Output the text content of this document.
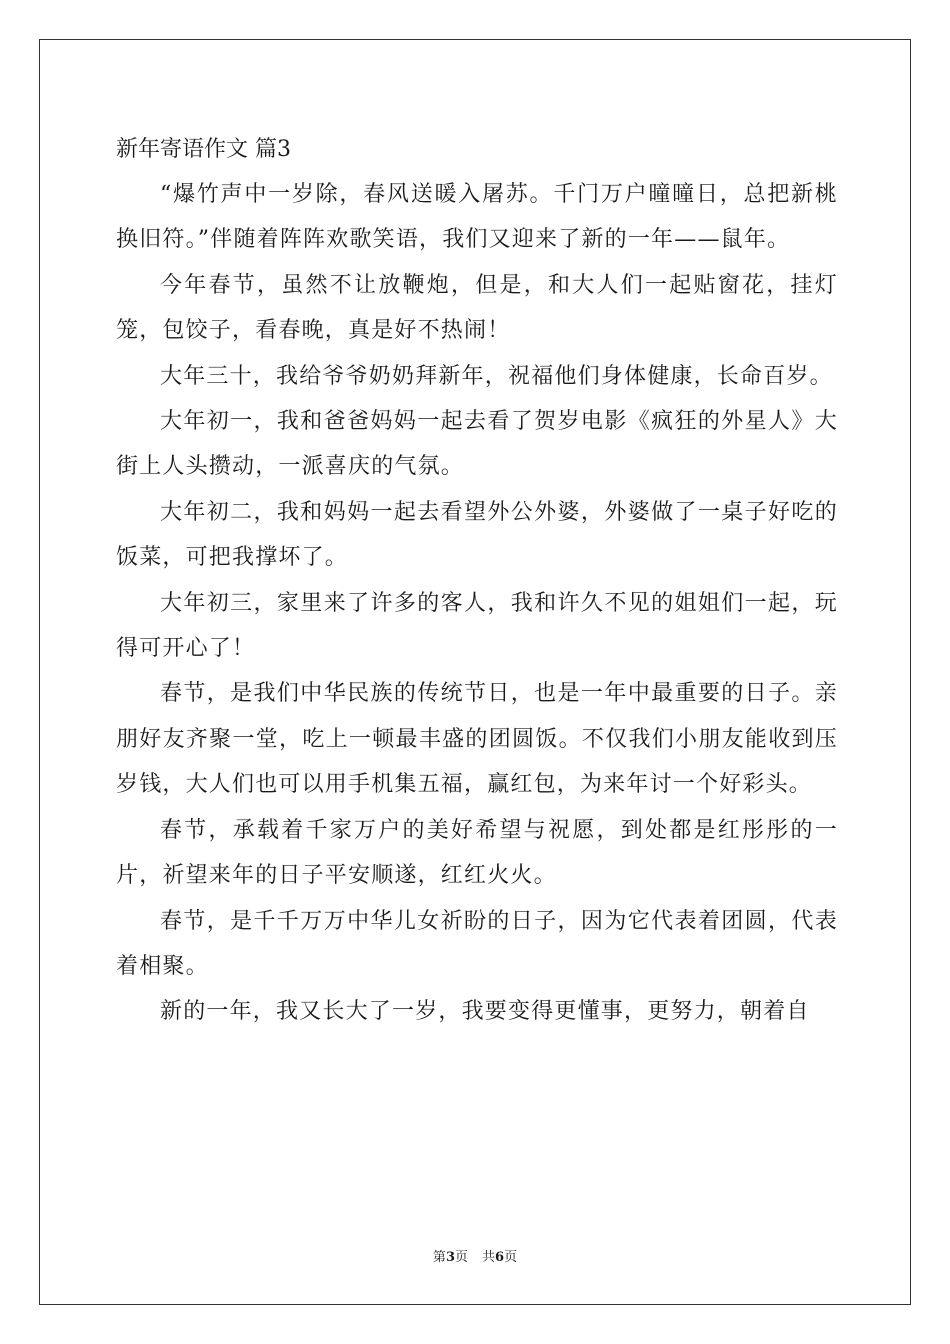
新年寄语作文 篇3

“爆竹声中一岁除，春风送暖入屠苏。千门万户曈曈日，总把新桃换旧符。”伴随着阵阵欢歌笑语，我们又迎来了新的一年——鼠年。

今年春节，虽然不让放鞭炮，但是，和大人们一起贴窗花，挂灯笼，包饺子，看春晚，真是好不热闹！

大年三十，我给爷爷奶奶拜新年，祝福他们身体健康，长命百岁。

大年初一，我和爸爸妈妈一起去看了贺岁电影《疯狂的外星人》大街上人头攒动，一派喜庆的气氛。

大年初二，我和妈妈一起去看望外公外婆，外婆做了一桌子好吃的饭菜，可把我撑坏了。

大年初三，家里来了许多的客人，我和许久不见的姐姐们一起，玩得可开心了！

春节，是我们中华民族的传统节日，也是一年中最重要的日子。亲朋好友齐聚一堂，吃上一顿最丰盛的团圆饭。不仅我们小朋友能收到压岁钱，大人们也可以用手机集五福，赢红包，为来年讨一个好彩头。

春节，承载着千家万户的美好希望与祝愿，到处都是红彤彤的一片，祈望来年的日子平安顺遂，红红火火。

春节，是千千万万中华儿女祈盼的日子，因为它代表着团圆，代表着相聚。

新的一年，我又长大了一岁，我要变得更懂事，更努力，朝着自

第3页 共6页
